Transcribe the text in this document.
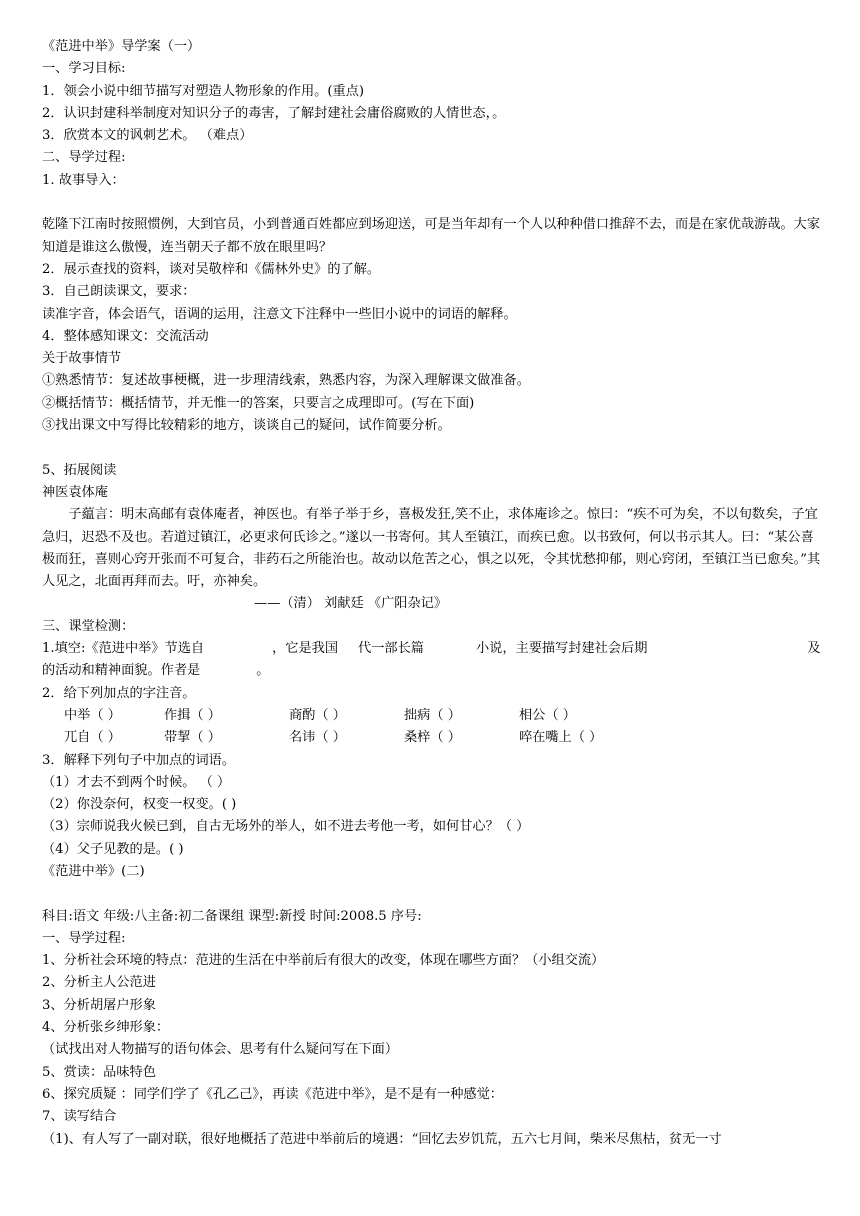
《范进中举》导学案（一）
一、学习目标:
1．领会小说中细节描写对塑造人物形象的作用。(重点)
2．认识封建科举制度对知识分子的毒害，了解封建社会庸俗腐败的人情世态，。
3．欣赏本文的讽刺艺术。 （难点）
二、导学过程:
1. 故事导入：
乾隆下江南时按照惯例，大到官员，小到普通百姓都应到场迎送，可是当年却有一个人以种种借口推辞不去，而是在家优哉游哉。大家知道是谁这么傲慢，连当朝天子都不放在眼里吗？
2．展示查找的资料，谈对吴敬梓和《儒林外史》的了解。
3．自己朗读课文，要求：
读准字音，体会语气，语调的运用，注意文下注释中一些旧小说中的词语的解释。
4．整体感知课文：交流活动
关于故事情节
①熟悉情节：复述故事梗概，进一步理清线索，熟悉内容，为深入理解课文做准备。
②概括情节：概括情节，并无惟一的答案，只要言之成理即可。(写在下面)
③找出课文中写得比较精彩的地方，谈谈自己的疑问，试作简要分析。
5、拓展阅读
神医袁体庵
子藴言：明末高邮有袁体庵者，神医也。有举子举于乡，喜极发狂,笑不止，求体庵诊之。惊曰：“疾不可为矣，不以旬数矣，子宜急归，迟恐不及也。若道过镇江，必更求何氏诊之。”遂以一书寄何。其人至镇江，而疾已愈。以书致何，何以书示其人。曰：“某公喜极而狂，喜则心窍开张而不可复合，非药石之所能治也。故动以危苦之心，惧之以死，令其忧愁抑郁，则心窍闭，至镇江当已愈矣。”其人见之，北面再拜而去。吁，亦神矣。
——（清） 刘献廷 《广阳杂记》
三、课堂检测：
1.填空:《范进中举》节选自	，它是我国 代一部长篇	小说，主要描写封建社会后期	及
的活动和精神面貌。作者是	。
2．给下列加点的字注音。
中举（ ）	作揖（ ）	商酌（ ）	拙病（ ）	相公（ ）
兀自（ ）	带挈（ ）	名讳（ ）	桑梓（ ）	啐在嘴上（ ）
3．解释下列句子中加点的词语。
（1）才去不到两个时候。 （ ）
（2）你没奈何，权变一权变。( )
（3）宗师说我火候已到，自古无场外的举人，如不进去考他一考，如何甘心？（ ）
（4）父子见教的是。( )
《范进中举》(二)
科目:语文 年级:八主备:初二备课组 课型:新授 时间:2008.5 序号:
一、导学过程:
1、分析社会环境的特点：范进的生活在中举前后有很大的改变，体现在哪些方面？（小组交流）
2、分析主人公范进
3、分析胡屠户形象
4、分析张乡绅形象：
（试找出对人物描写的语句体会、思考有什么疑问写在下面）
5、赏读：品味特色
6、探究质疑 ：同学们学了《孔乙己》，再读《范进中举》，是不是有一种感觉：
7、读写结合
（1)、有人写了一副对联，很好地概括了范进中举前后的境遇：“回忆去岁饥荒，五六七月间，柴米尽焦枯，贫无一寸
